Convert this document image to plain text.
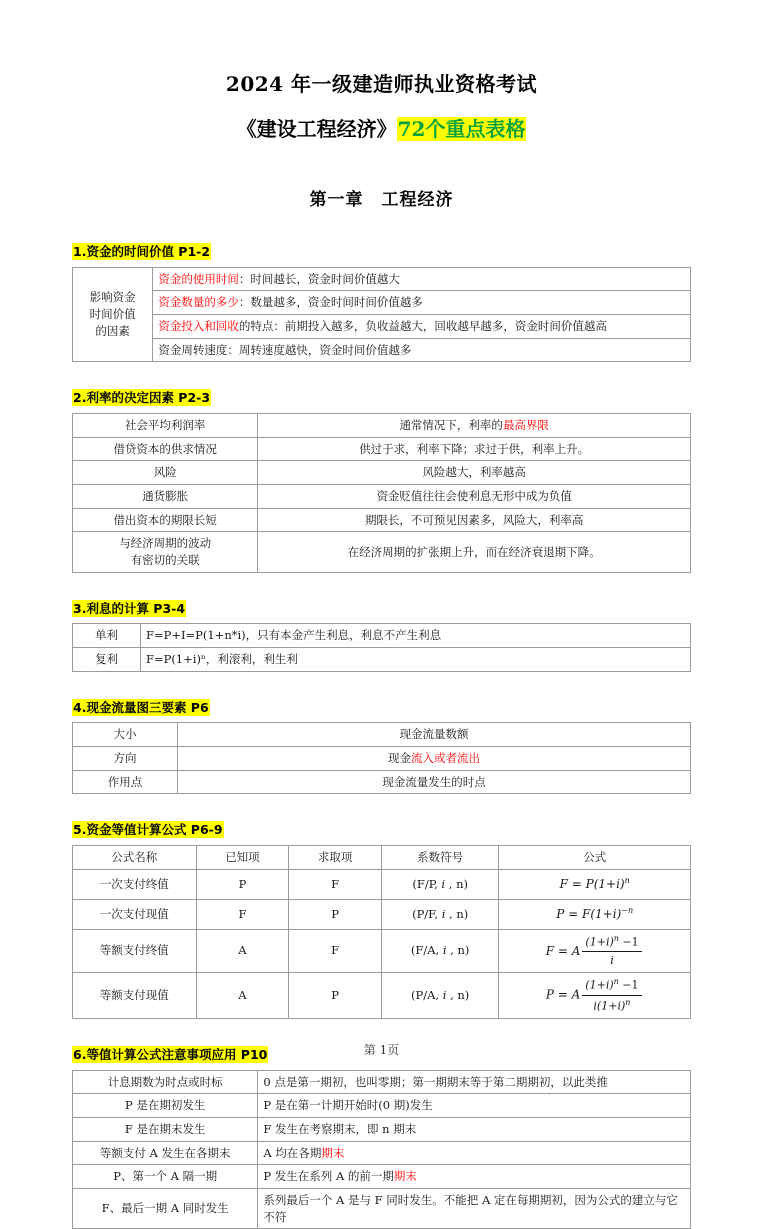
2024 年一级建造师执业资格考试
《建设工程经济》72个重点表格
第一章　工程经济
1.资金的时间价值 P1-2
影响资金
时间价值
的因素	资金的使用时间：时间越长，资金时间价值越大
资金数量的多少：数量越多，资金时间时间价值越多
资金投入和回收的特点：前期投入越多，负收益越大，回收越早越多，资金时间价值越高
资金周转速度：周转速度越快，资金时间价值越多
2.利率的决定因素 P2-3
社会平均利润率	通常情况下，利率的最高界限
借贷资本的供求情况	供过于求，利率下降；求过于供，利率上升。
风险	风险越大，利率越高
通货膨胀	资金贬值往往会使利息无形中成为负值
借出资本的期限长短	期限长，不可预见因素多，风险大，利率高
与经济周期的波动
有密切的关联	在经济周期的扩张期上升，而在经济衰退期下降。
3.利息的计算 P3-4
单利	F=P+I=P(1+n*i)，只有本金产生利息，利息不产生利息
复利	F=P(1+i)ⁿ，利滚利，利生利
4.现金流量图三要素 P6
大小	现金流量数额
方向	现金流入或者流出
作用点	现金流量发生的时点
5.资金等值计算公式 P6-9
公式名称	已知项	求取项	系数符号	公式
一次支付终值	P	F	(F/P, i , n)	$F = P(1+i)^n$
一次支付现值	F	P	(P/F, i , n)	$P = F(1+i)^{-n}$
等额支付终值	A	F	(F/A, i , n)	F = A $\frac{(1+i)^n -1}{i}$

等额支付现值	A	P	(P/A, i , n)	P = A $\frac{(1+i)^n -1}{i(1+i)^n}$
6.等值计算公式注意事项应用 P10
计息期数为时点或时标	0 点是第一期初，也叫零期；第一期期末等于第二期期初，以此类推
P 是在期初发生	P 是在第一计期开始时(0 期)发生
F 是在期末发生	F 发生在考察期末，即 n 期末
等额支付 A 发生在各期末	A 均在各期期末
P、第一个 A 隔一期	P 发生在系列 A 的前一期期末
F、最后一期 A 同时发生	系列最后一个 A 是与 F 同时发生。不能把 A 定在每期期初，因为公式的建立与它不符
第 1页
